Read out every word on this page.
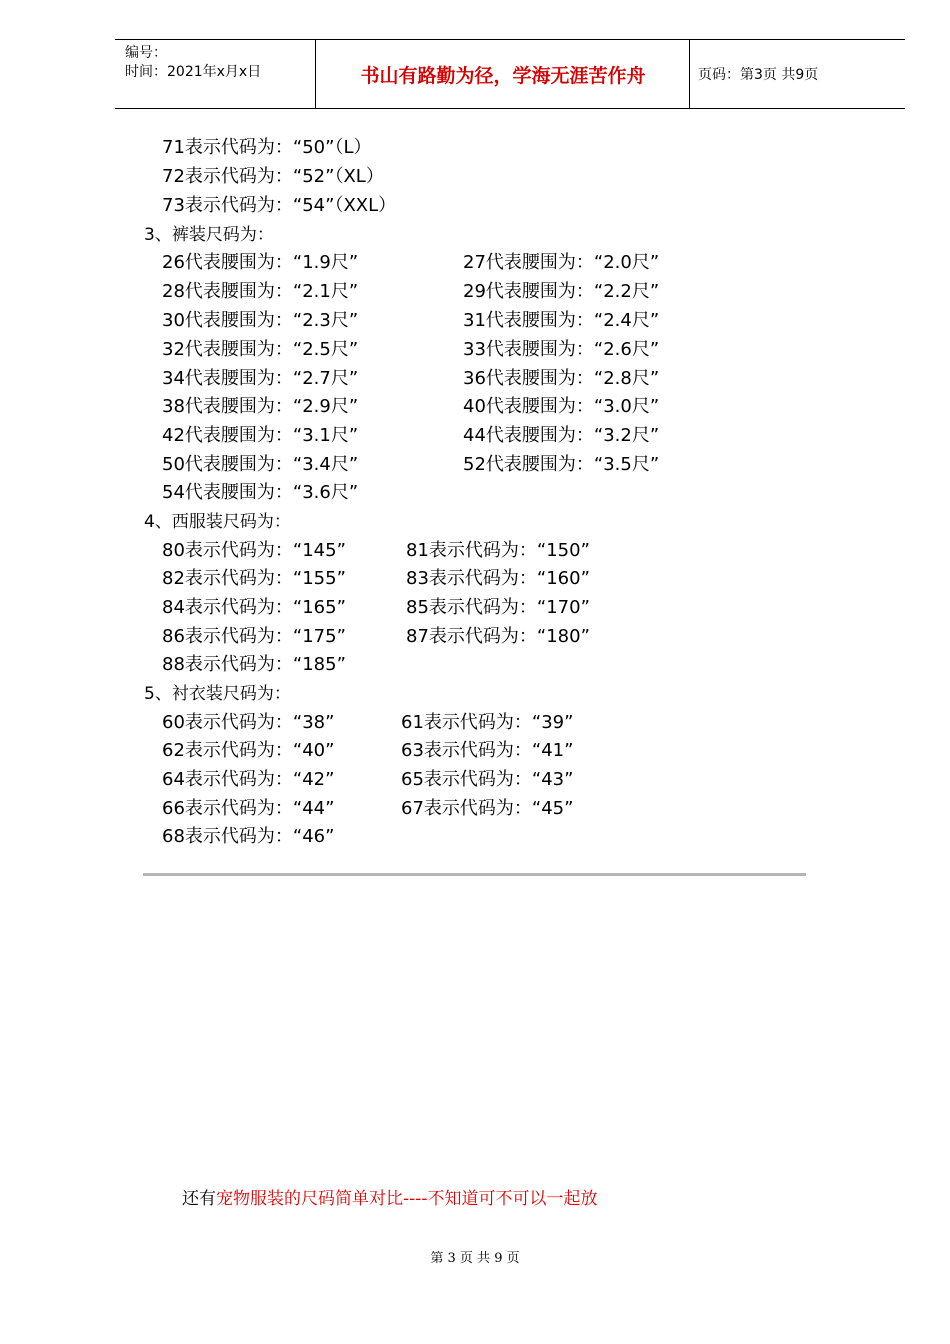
编号：
时间：2021年x月x日	书山有路勤为径，学海无涯苦作舟	页码：第3页 共9页
71表示代码为：“50”（L）
72表示代码为：“52”（XL）
73表示代码为：“54”（XXL）
3、裤装尺码为：
26代表腰围为：“1.9尺”
28代表腰围为：“2.1尺”
30代表腰围为：“2.3尺”
32代表腰围为：“2.5尺”
34代表腰围为：“2.7尺”
38代表腰围为：“2.9尺”
42代表腰围为：“3.1尺”
50代表腰围为：“3.4尺”
54代表腰围为：“3.6尺”
27代表腰围为：“2.0尺”
29代表腰围为：“2.2尺”
31代表腰围为：“2.4尺”
33代表腰围为：“2.6尺”
36代表腰围为：“2.8尺”
40代表腰围为：“3.0尺”
44代表腰围为：“3.2尺”
52代表腰围为：“3.5尺”
4、西服装尺码为：
80表示代码为：“145”
82表示代码为：“155”
84表示代码为：“165”
86表示代码为：“175”
88表示代码为：“185”
81表示代码为：“150”
83表示代码为：“160”
85表示代码为：“170”
87表示代码为：“180”
5、衬衣装尺码为：
60表示代码为：“38”
62表示代码为：“40”
64表示代码为：“42”
66表示代码为：“44”
68表示代码为：“46”
61表示代码为：“39”
63表示代码为：“41”
65表示代码为：“43”
67表示代码为：“45”
还有宠物服装的尺码简单对比----不知道可不可以一起放
第 3 页 共 9 页
